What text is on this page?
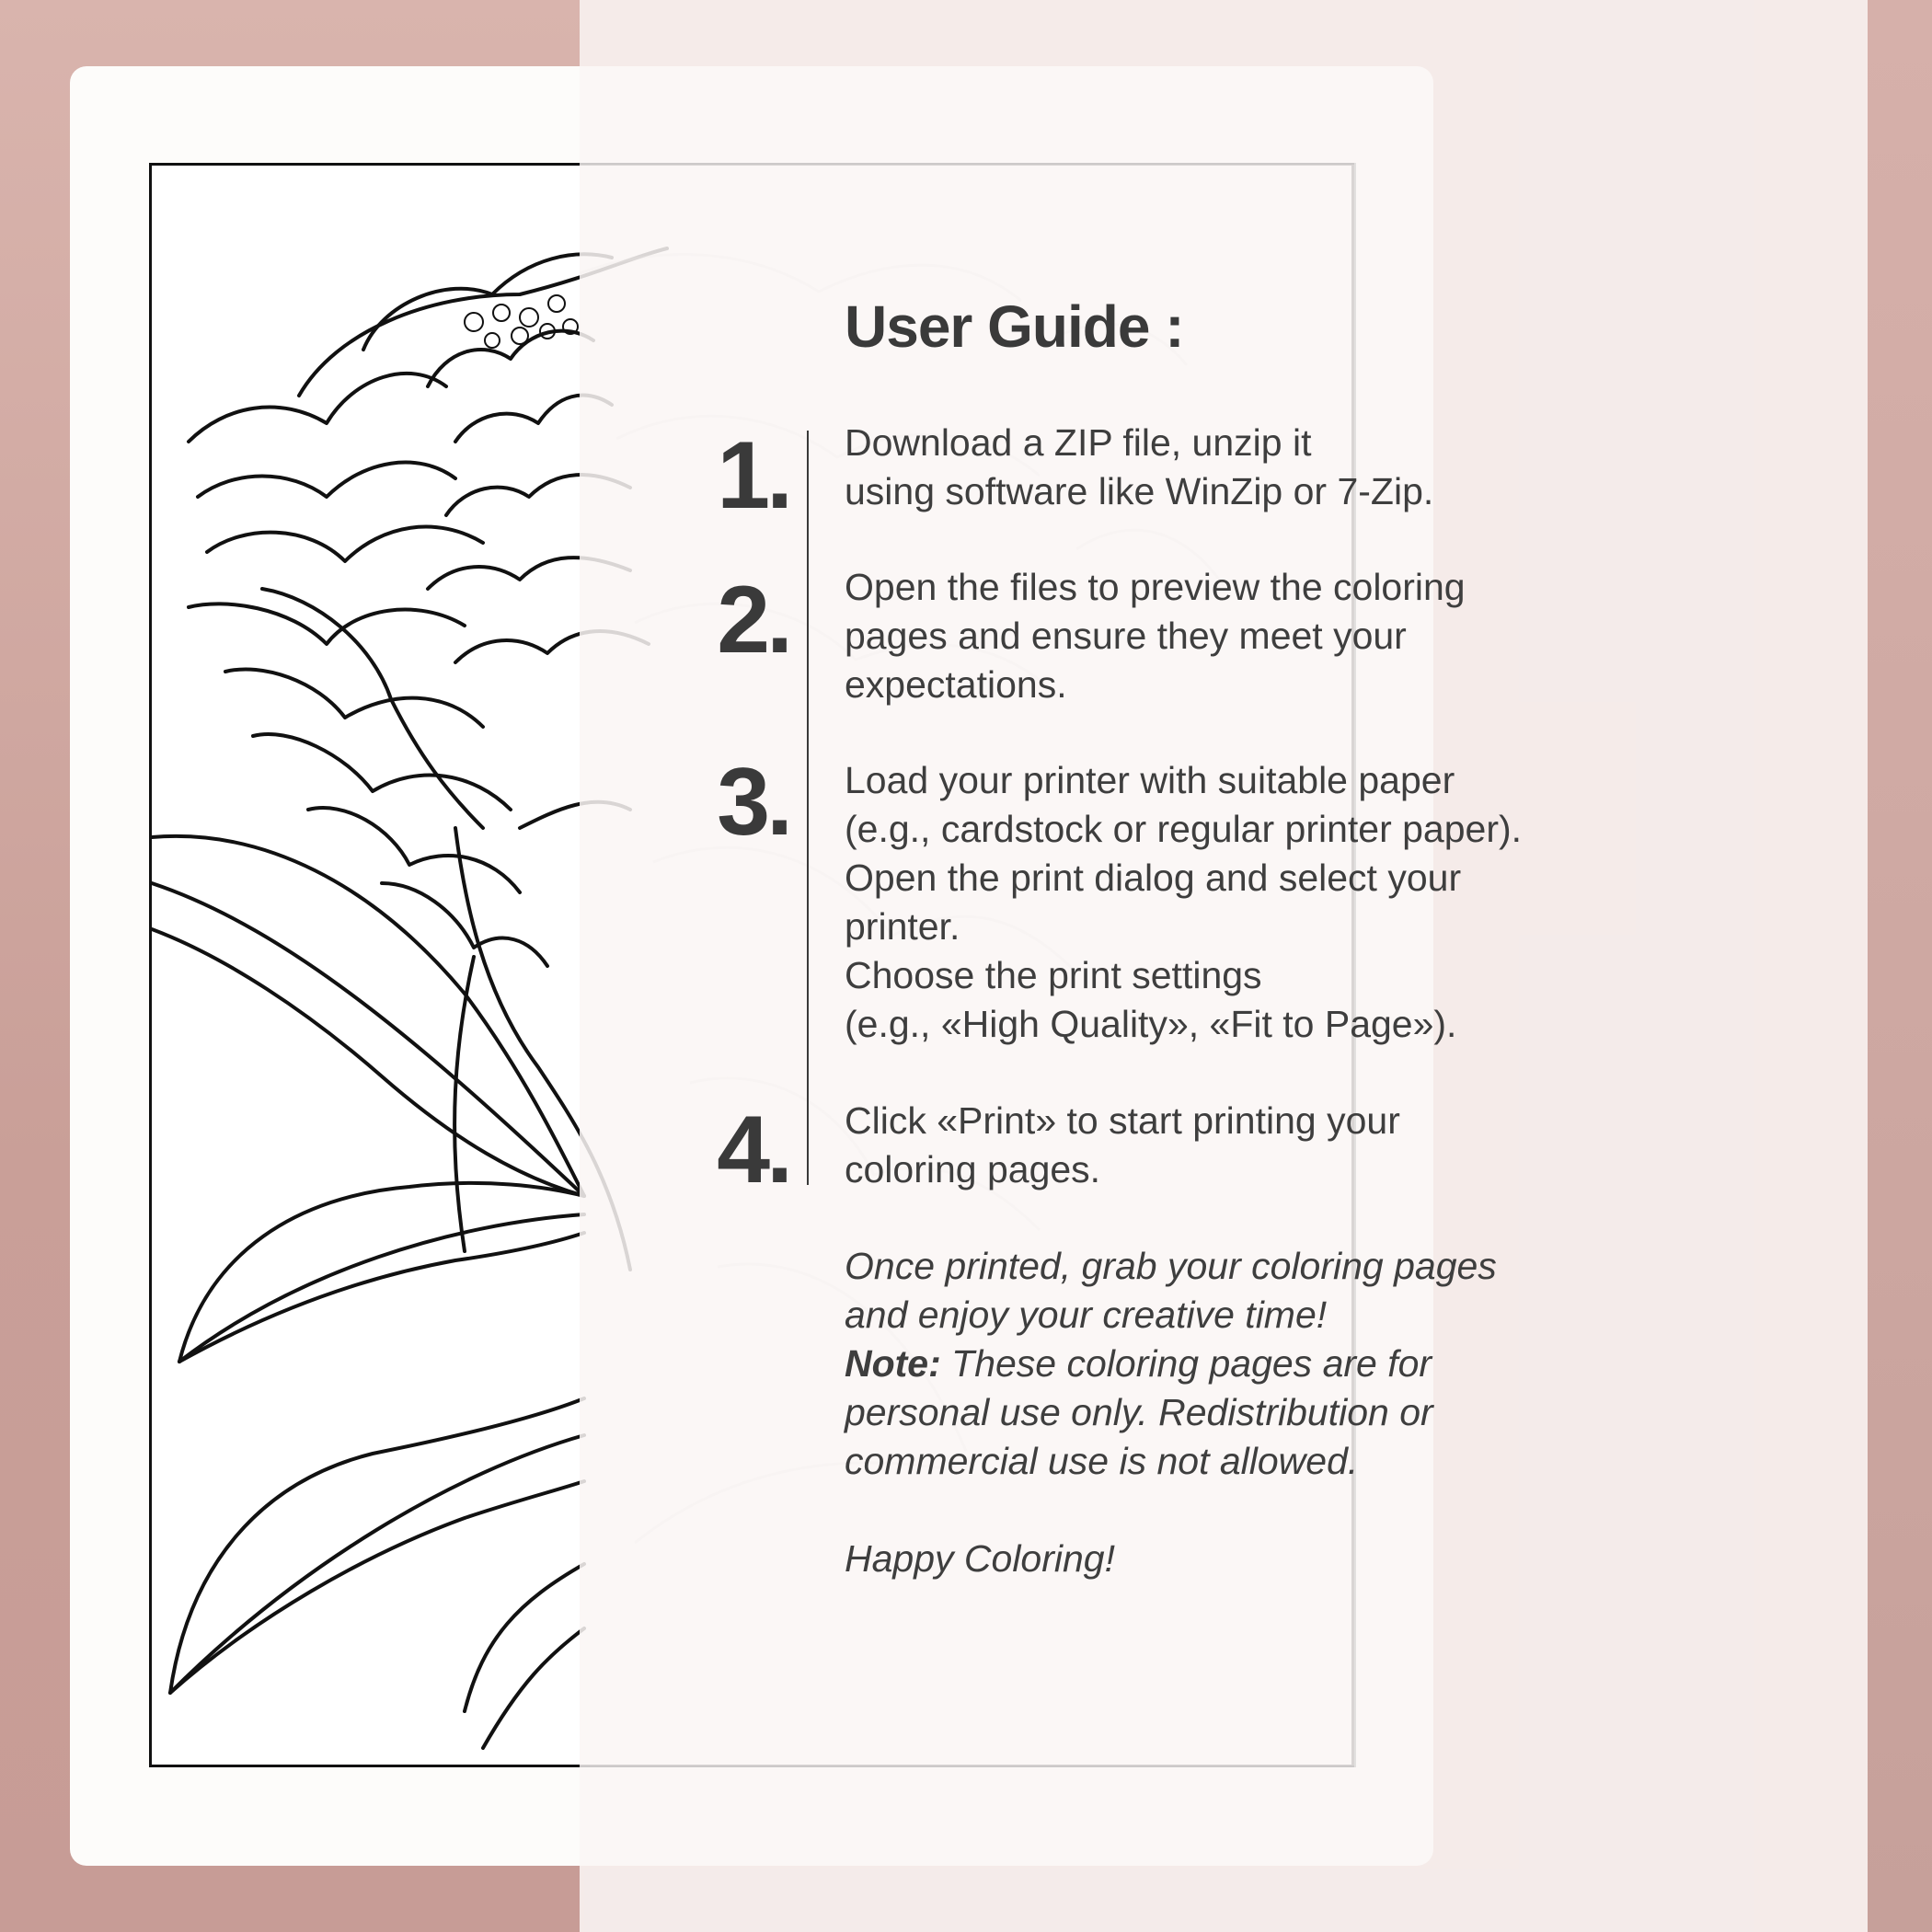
User Guide :
1. Download a ZIP file, unzip it
using software like WinZip or 7-Zip.
2. Open the files to preview the coloring
pages and ensure they meet your
expectations.
3. Load your printer with suitable paper
(e.g., cardstock or regular printer paper).
Open the print dialog and select your
printer.
Choose the print settings
(e.g., «High Quality», «Fit to Page»).
4. Click «Print» to start printing your
coloring pages.
Once printed, grab your coloring pages
and enjoy your creative time!
Note: These coloring pages are for
personal use only. Redistribution or
commercial use is not allowed.
Happy Coloring!
